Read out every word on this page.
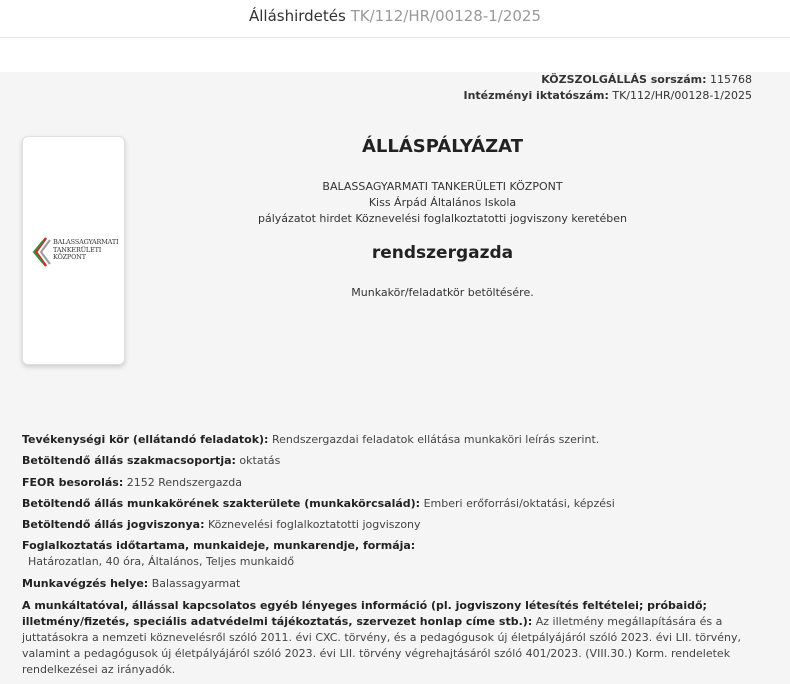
Álláshirdetés TK/112/HR/00128-1/2025
KÖZSZOLGÁLLÁS sorszám: 115768
Intézményi iktatószám: TK/112/HR/00128-1/2025
BALASSAGYARMATI
TANKERÜLETI
KÖZPONT
ÁLLÁSPÁLYÁZAT
BALASSAGYARMATI TANKERÜLETI KÖZPONT
Kiss Árpád Általános Iskola
pályázatot hirdet Köznevelési foglalkoztatotti jogviszony keretében
rendszergazda
Munkakör/feladatkör betöltésére.
Tevékenységi kör (ellátandó feladatok): Rendszergazdai feladatok ellátása munkaköri leírás szerint.
Betöltendő állás szakmacsoportja: oktatás
FEOR besorolás: 2152 Rendszergazda
Betöltendő állás munkakörének szakterülete (munkakörcsalád): Emberi erőforrási/oktatási, képzési
Betöltendő állás jogviszonya: Köznevelési foglalkoztatotti jogviszony
Foglalkoztatás időtartama, munkaideje, munkarendje, formája:
Határozatlan, 40 óra, Általános, Teljes munkaidő
Munkavégzés helye: Balassagyarmat
A munkáltatóval, állással kapcsolatos egyéb lényeges információ (pl. jogviszony létesítés feltételei; próbaidő; illetmény/fizetés, speciális adatvédelmi tájékoztatás, szervezet honlap címe stb.): Az illetmény megállapítására és a juttatásokra a nemzeti köznevelésről szóló 2011. évi CXC. törvény, és a pedagógusok új életpályájáról szóló 2023. évi LII. törvény, valamint a pedagógusok új életpályájáról szóló 2023. évi LII. törvény végrehajtásáról szóló 401/2023. (VIII.30.) Korm. rendeletek rendelkezései az irányadók.
